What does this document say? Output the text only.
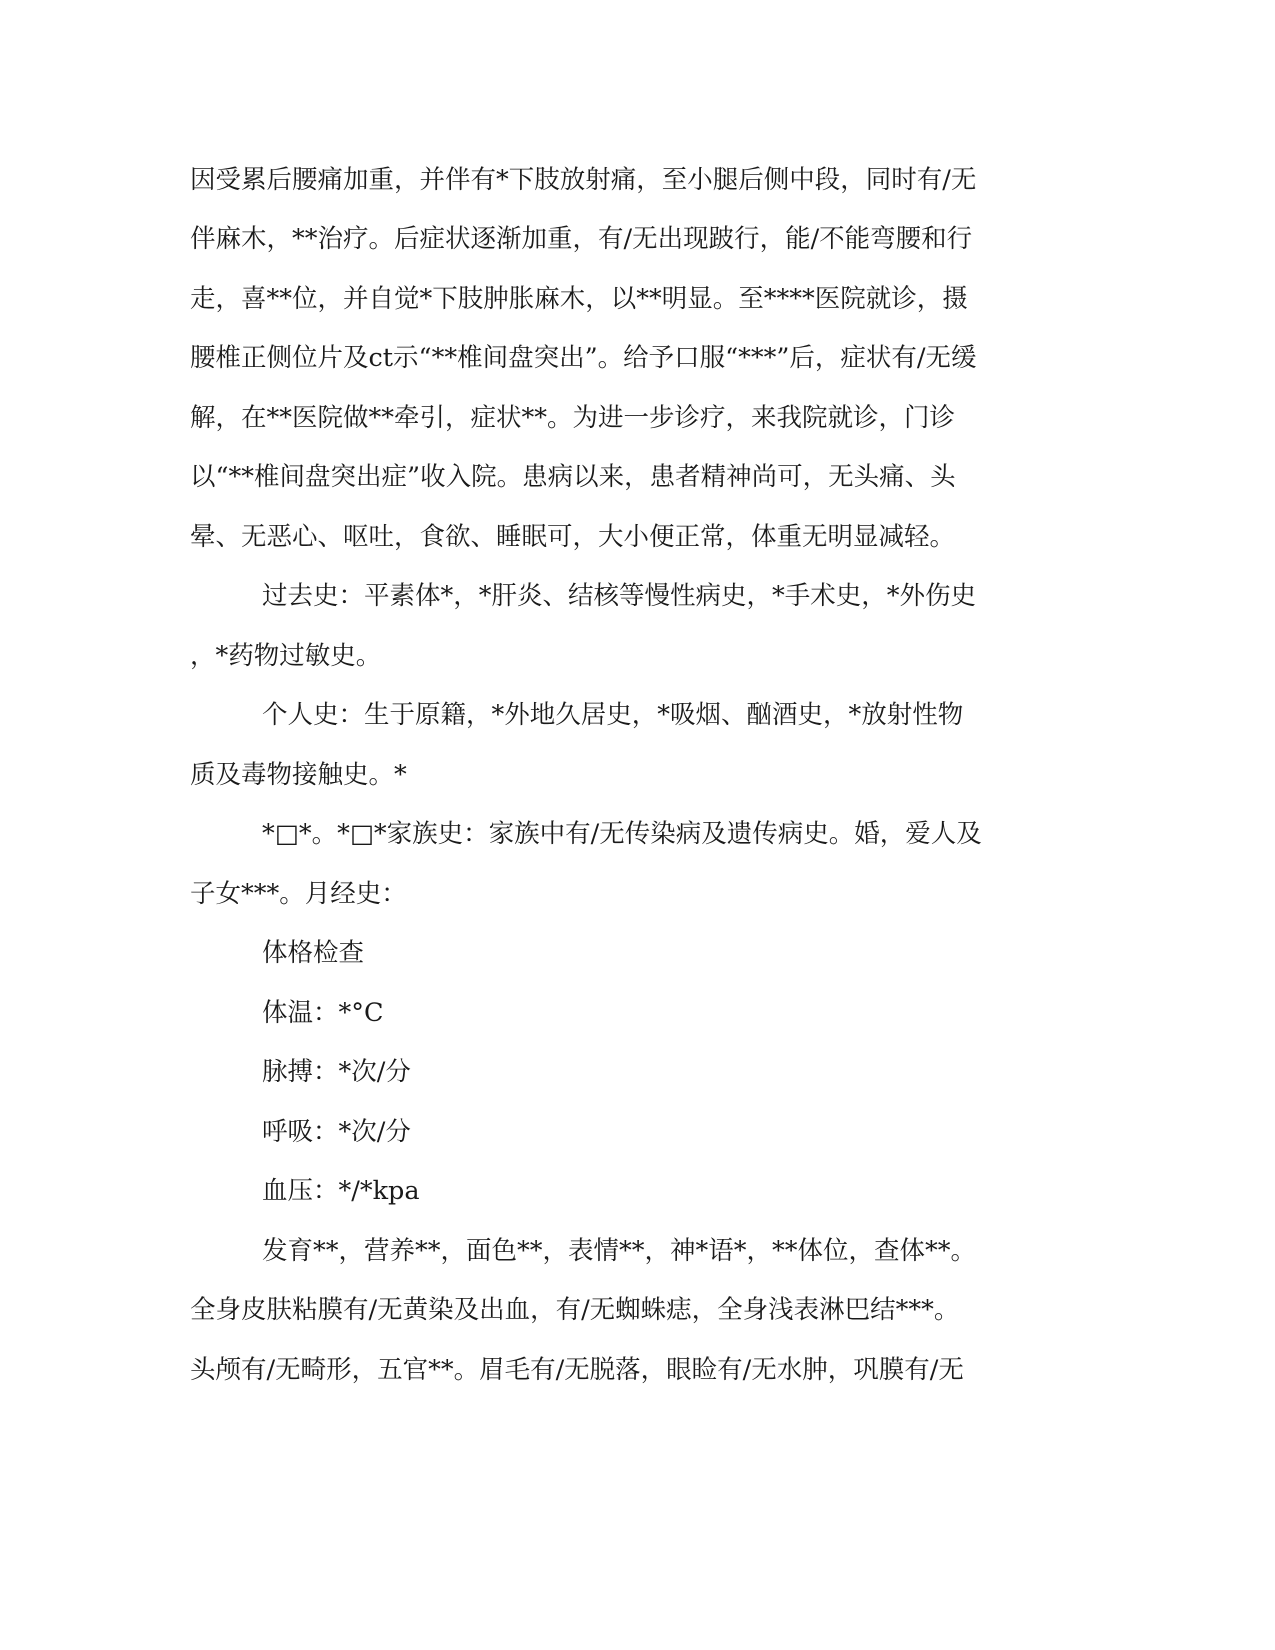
因受累后腰痛加重，并伴有*下肢放射痛，至小腿后侧中段，同时有/无
伴麻木，**治疗。后症状逐渐加重，有/无出现跛行，能/不能弯腰和行
走，喜**位，并自觉*下肢肿胀麻木，以**明显。至****医院就诊，摄
腰椎正侧位片及ct示“**椎间盘突出”。给予口服“***”后，症状有/无缓
解，在**医院做**牵引，症状**。为进一步诊疗，来我院就诊，门诊
以“**椎间盘突出症”收入院。患病以来，患者精神尚可，无头痛、头
晕、无恶心、呕吐，食欲、睡眠可，大小便正常，体重无明显减轻。
过去史：平素体*，*肝炎、结核等慢性病史，*手术史，*外伤史
，*药物过敏史。
个人史：生于原籍，*外地久居史，*吸烟、酗酒史，*放射性物
质及毒物接触史。*
*□*。*□*家族史：家族中有/无传染病及遗传病史。婚，爱人及
子女***。月经史：
体格检查
体温：*°C
脉搏：*次/分
呼吸：*次/分
血压：*/*kpa
发育**，营养**，面色**，表情**，神*语*，**体位，查体**。
全身皮肤粘膜有/无黄染及出血，有/无蜘蛛痣，全身浅表淋巴结***。
头颅有/无畸形，五官**。眉毛有/无脱落，眼睑有/无水肿，巩膜有/无
